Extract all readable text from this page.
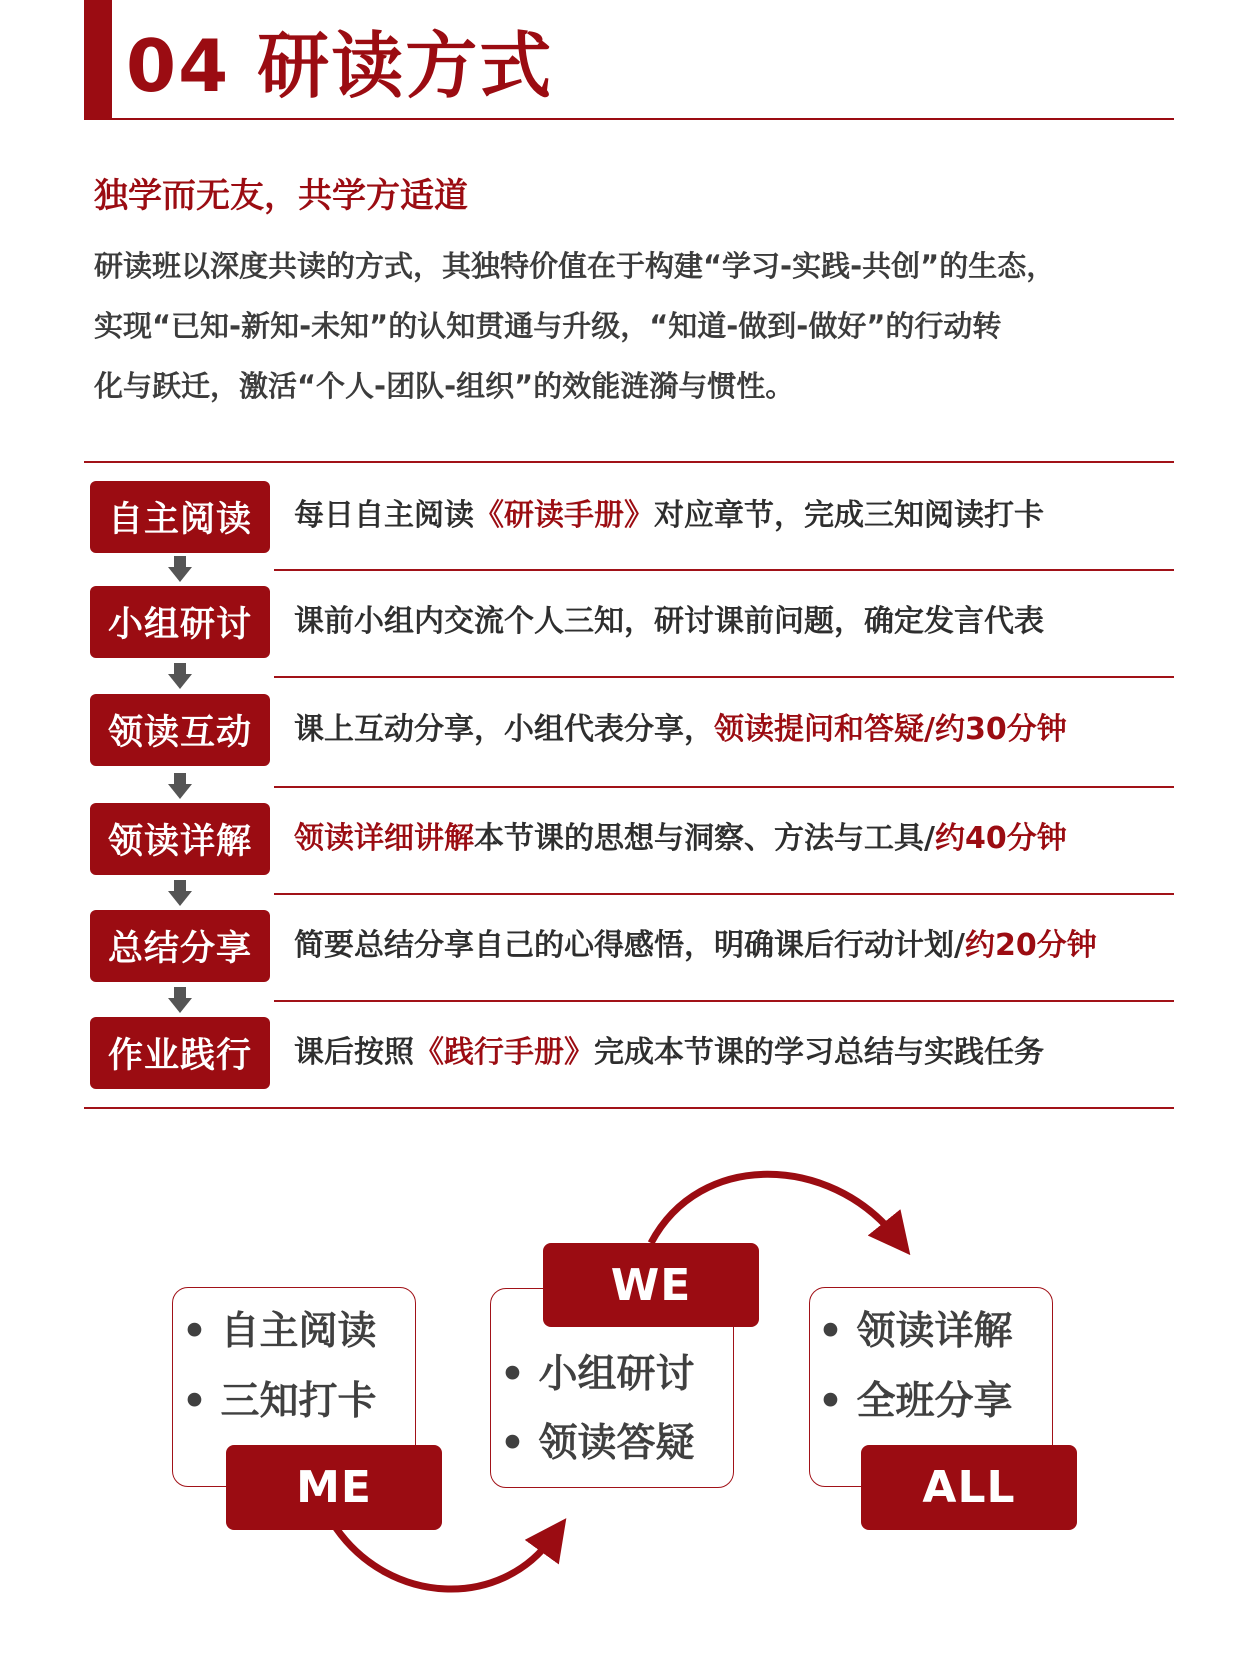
04 研读方式
独学而无友，共学方适道
研读班以深度共读的方式，其独特价值在于构建“学习-实践-共创”的生态，
实现“已知-新知-未知”的认知贯通与升级，“知道-做到-做好”的行动转
化与跃迁，激活“个人-团队-组织”的效能涟漪与惯性。
自主阅读	每日自主阅读《研读手册》对应章节，完成三知阅读打卡
小组研讨	课前小组内交流个人三知，研讨课前问题，确定发言代表
领读互动	课上互动分享，小组代表分享，领读提问和答疑/约30分钟
领读详解	领读详细讲解本节课的思想与洞察、方法与工具/约40分钟
总结分享	简要总结分享自己的心得感悟，明确课后行动计划/约20分钟
作业践行	课后按照《践行手册》完成本节课的学习总结与实践任务
• 自主阅读
• 三知打卡
ME
WE
• 小组研讨
• 领读答疑
• 领读详解
• 全班分享
ALL
